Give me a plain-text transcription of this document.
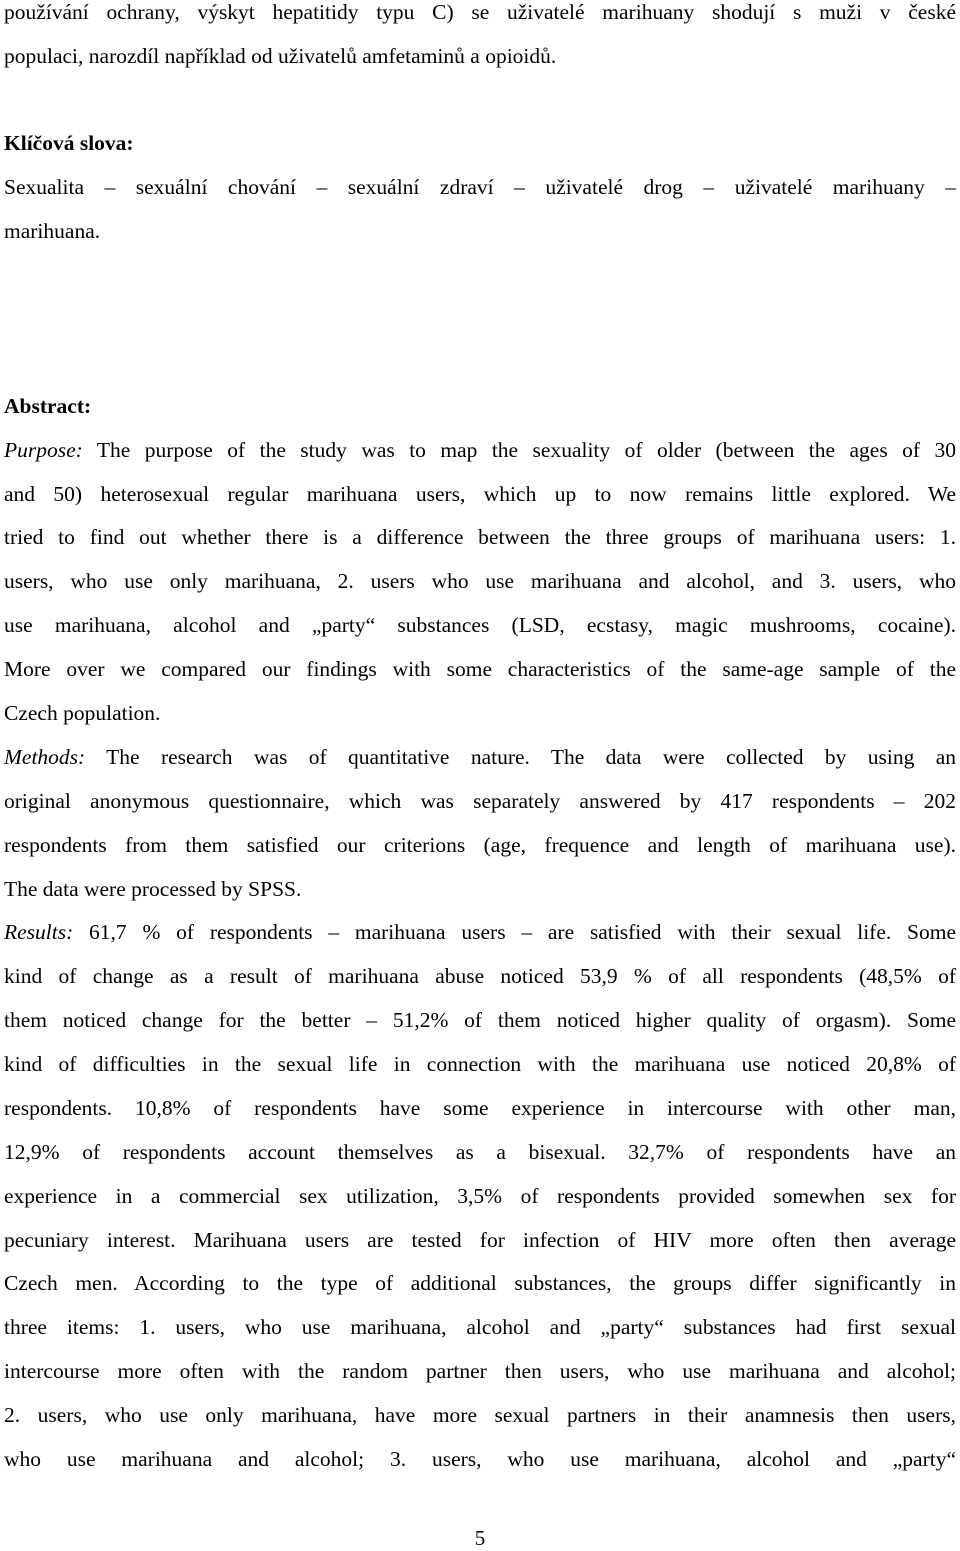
používání ochrany, výskyt hepatitidy typu C) se uživatelé marihuany shodují s muži v české
populaci, narozdíl například od uživatelů amfetaminů a opioidů.
Klíčová slova:
Sexualita – sexuální chování – sexuální zdraví – uživatelé drog – uživatelé marihuany –
marihuana.
Abstract:
Purpose: The purpose of the study was to map the sexuality of older (between the ages of 30
and 50) heterosexual regular marihuana users, which up to now remains little explored. We
tried to find out whether there is a difference between the three groups of marihuana users: 1.
users, who use only marihuana, 2. users who use marihuana and alcohol, and 3. users, who
use marihuana, alcohol and „party“ substances (LSD, ecstasy, magic mushrooms, cocaine).
More over we compared our findings with some characteristics of the same-age sample of the
Czech population.
Methods: The research was of quantitative nature. The data were collected by using an
original anonymous questionnaire, which was separately answered by 417 respondents – 202
respondents from them satisfied our criterions (age, frequence and length of marihuana use).
The data were processed by SPSS.
Results: 61,7 % of respondents – marihuana users – are satisfied with their sexual life. Some
kind of change as a result of marihuana abuse noticed 53,9 % of all respondents (48,5% of
them noticed change for the better – 51,2% of them noticed higher quality of orgasm). Some
kind of difficulties in the sexual life in connection with the marihuana use noticed 20,8% of
respondents. 10,8% of respondents have some experience in intercourse with other man,
12,9% of respondents account themselves as a bisexual. 32,7% of respondents have an
experience in a commercial sex utilization, 3,5% of respondents provided somewhen sex for
pecuniary interest. Marihuana users are tested for infection of HIV more often then average
Czech men. According to the type of additional substances, the groups differ significantly in
three items: 1. users, who use marihuana, alcohol and „party“ substances had first sexual
intercourse more often with the random partner then users, who use marihuana and alcohol;
2. users, who use only marihuana, have more sexual partners in their anamnesis then users,
who use marihuana and alcohol; 3. users, who use marihuana, alcohol and „party“
5
